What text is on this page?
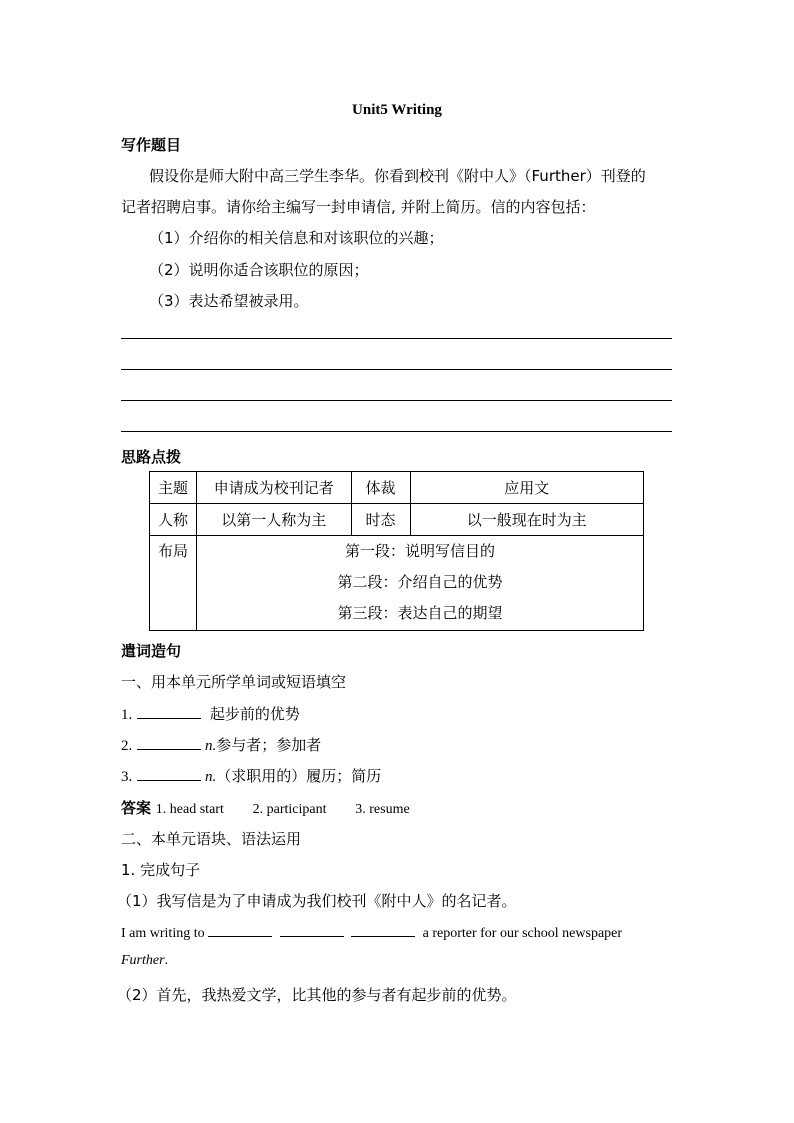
Unit5 Writing
写作题目
假设你是师大附中高三学生李华。你看到校刊《附中人》（Further）刊登的
记者招聘启事。请你给主编写一封申请信, 并附上简历。信的内容包括：
（1）介绍你的相关信息和对该职位的兴趣；
（2）说明你适合该职位的原因；
（3）表达希望被录用。
思路点拨
主题	申请成为校刊记者	体裁	应用文
人称	以第一人称为主	时态	以一般现在时为主

布局	第一段：说明写信目的
第二段：介绍自己的优势
第三段：表达自己的期望		
遣词造句
一、用本单元所学单词或短语填空
1.	起步前的优势
2.	n.参与者；参加者
3.	n.（求职用的）履历；简历
答案 1. head start 2. participant 3. resume
二、本单元语块、语法运用
1. 完成句子
（1）我写信是为了申请成为我们校刊《附中人》的名记者。
I am writing to	a reporter for our school newspaper
Further.
（2）首先，我热爱文学，比其他的参与者有起步前的优势。
